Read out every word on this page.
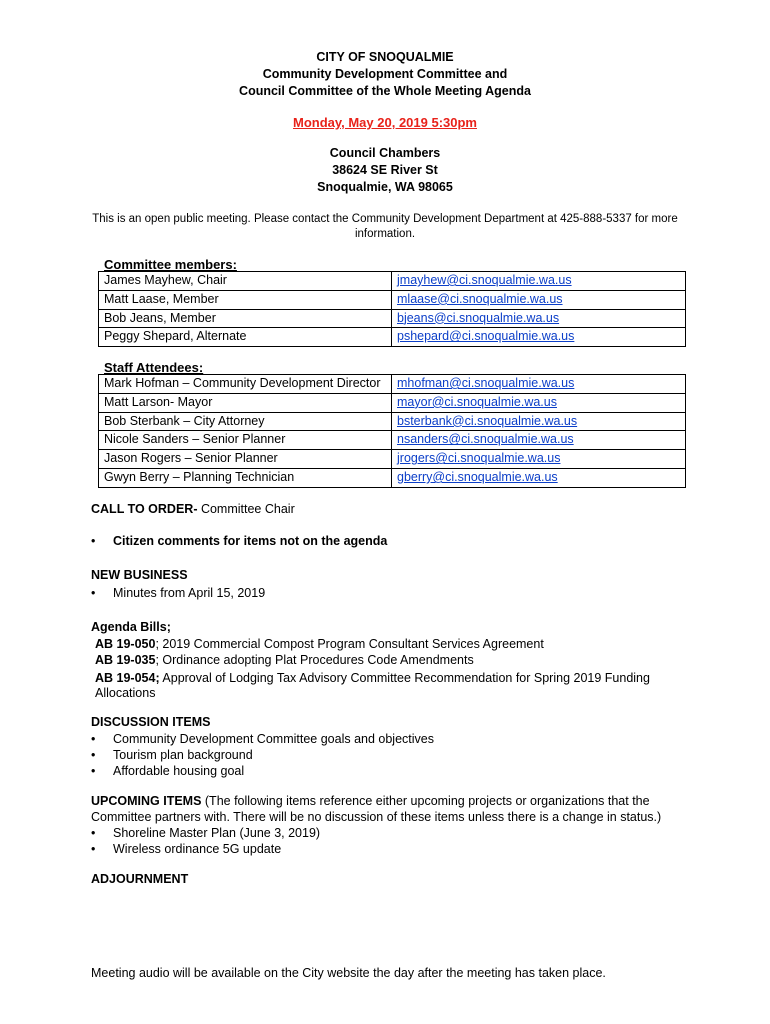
CITY OF SNOQUALMIE
Community Development Committee and
Council Committee of the Whole Meeting Agenda
Monday, May 20, 2019 5:30pm
Council Chambers
38624 SE River St
Snoqualmie, WA 98065
This is an open public meeting. Please contact the Community Development Department at 425-888-5337 for more
information.
Committee members:
James Mayhew, Chair	jmayhew@ci.snoqualmie.wa.us
Matt Laase, Member	mlaase@ci.snoqualmie.wa.us
Bob Jeans, Member	bjeans@ci.snoqualmie.wa.us
Peggy Shepard, Alternate	pshepard@ci.snoqualmie.wa.us
Staff Attendees:
Mark Hofman – Community Development Director	mhofman@ci.snoqualmie.wa.us
Matt Larson- Mayor	mayor@ci.snoqualmie.wa.us
Bob Sterbank – City Attorney	bsterbank@ci.snoqualmie.wa.us
Nicole Sanders – Senior Planner	nsanders@ci.snoqualmie.wa.us
Jason Rogers – Senior Planner	jrogers@ci.snoqualmie.wa.us
Gwyn Berry – Planning Technician	gberry@ci.snoqualmie.wa.us
CALL TO ORDER- Committee Chair
• Citizen comments for items not on the agenda
NEW BUSINESS
• Minutes from April 15, 2019
Agenda Bills;
AB 19-050; 2019 Commercial Compost Program Consultant Services Agreement
AB 19-035; Ordinance adopting Plat Procedures Code Amendments
AB 19-054; Approval of Lodging Tax Advisory Committee Recommendation for Spring 2019 Funding
Allocations
DISCUSSION ITEMS
• Community Development Committee goals and objectives
• Tourism plan background
• Affordable housing goal
UPCOMING ITEMS (The following items reference either upcoming projects or organizations that the
Committee partners with. There will be no discussion of these items unless there is a change in status.)
• Shoreline Master Plan (June 3, 2019)
• Wireless ordinance 5G update
ADJOURNMENT
Meeting audio will be available on the City website the day after the meeting has taken place.
